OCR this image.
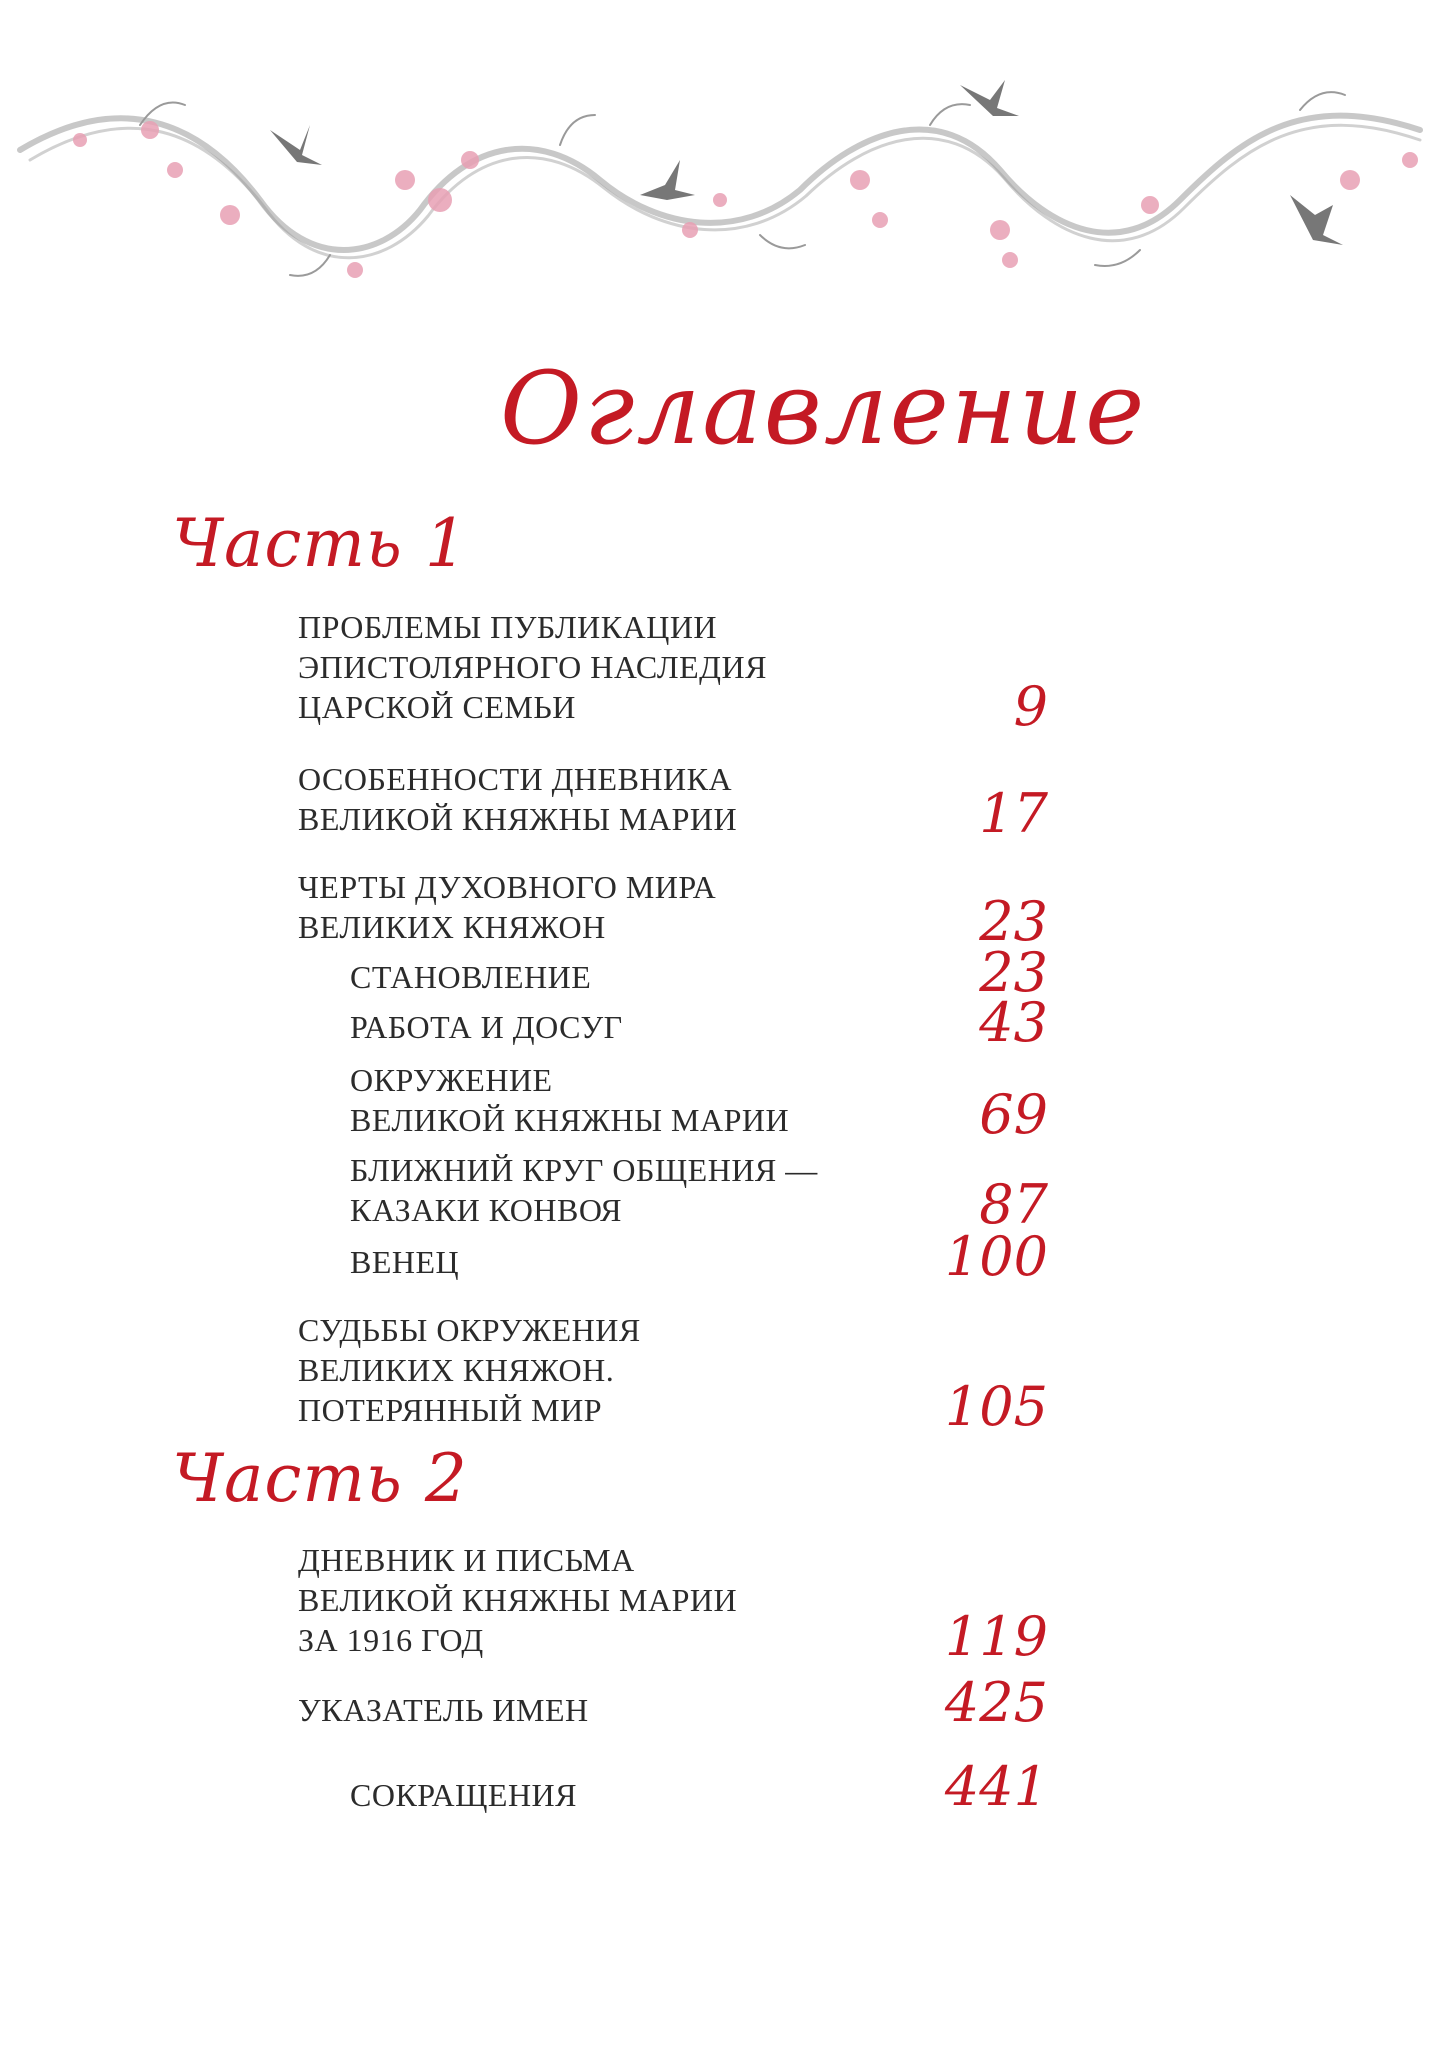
Оглавление
Часть 1
ПРОБЛЕМЫ ПУБЛИКАЦИИ
ЭПИСТОЛЯРНОГО НАСЛЕДИЯ
ЦАРСКОЙ СЕМЬИ	9
ОСОБЕННОСТИ ДНЕВНИКА
ВЕЛИКОЙ КНЯЖНЫ МАРИИ	17
ЧЕРТЫ ДУХОВНОГО МИРА
ВЕЛИКИХ КНЯЖОН	23
СТАНОВЛЕНИЕ	23
РАБОТА И ДОСУГ	43
ОКРУЖЕНИЕ
ВЕЛИКОЙ КНЯЖНЫ МАРИИ	69
БЛИЖНИЙ КРУГ ОБЩЕНИЯ —
КАЗАКИ КОНВОЯ	87
ВЕНЕЦ	100
СУДЬБЫ ОКРУЖЕНИЯ
ВЕЛИКИХ КНЯЖОН.
ПОТЕРЯННЫЙ МИР	105
Часть 2
ДНЕВНИК И ПИСЬМА
ВЕЛИКОЙ КНЯЖНЫ МАРИИ
ЗА 1916 ГОД	119
УКАЗАТЕЛЬ ИМЕН	425
СОКРАЩЕНИЯ	441
